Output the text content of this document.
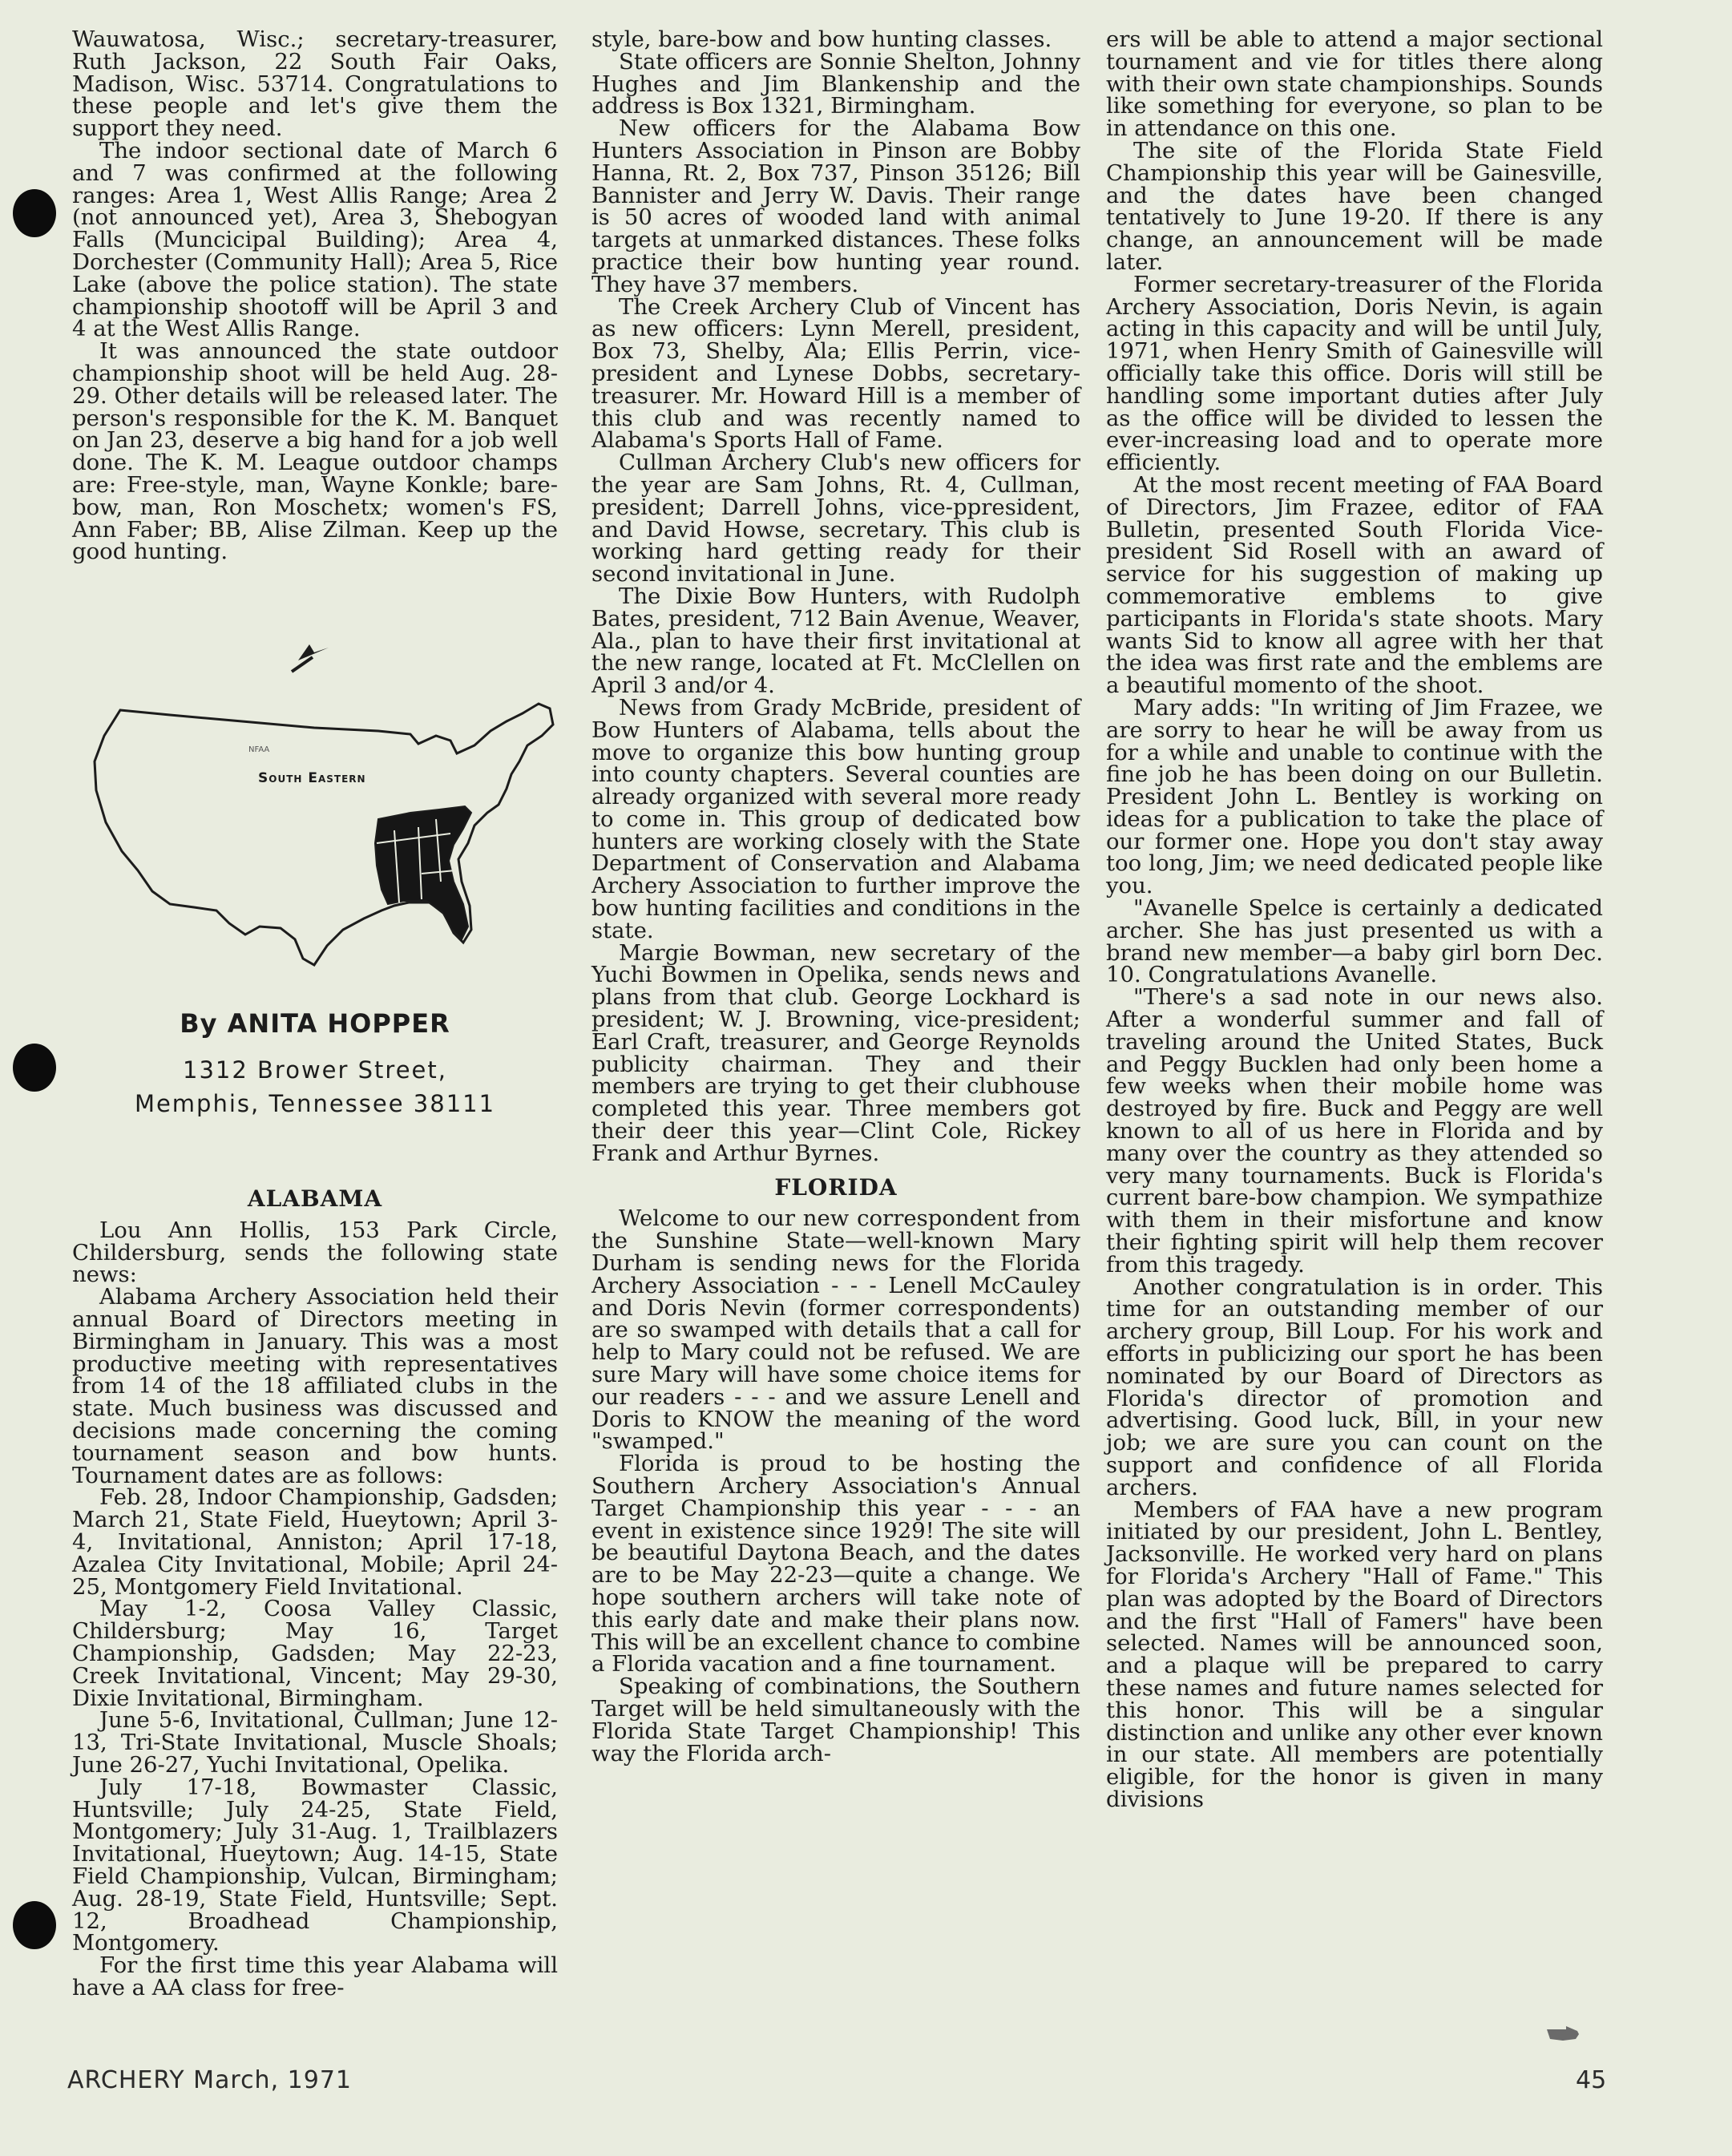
Wauwatosa, Wisc.; secretary-treasurer, Ruth Jackson, 22 South Fair Oaks, Madison, Wisc. 53714. Congratulations to these people and let's give them the support they need.

The indoor sectional date of March 6 and 7 was confirmed at the following ranges: Area 1, West Allis Range; Area 2 (not announced yet), Area 3, Shebogyan Falls (Muncicipal Building); Area 4, Dorchester (Community Hall); Area 5, Rice Lake (above the police station). The state championship shootoff will be April 3 and 4 at the West Allis Range.

It was announced the state outdoor championship shoot will be held Aug. 28-29. Other details will be released later. The person's responsible for the K. M. Banquet on Jan 23, deserve a big hand for a job well done. The K. M. League outdoor champs are: Free-style, man, Wayne Konkle; bare-bow, man, Ron Moschetx; women's FS, Ann Faber; BB, Alise Zilman. Keep up the good hunting.

NFAA
South Eastern
By ANITA HOPPER
1312 Brower Street,
Memphis, Tennessee 38111
ALABAMA

Lou Ann Hollis, 153 Park Circle, Childersburg, sends the following state news:

Alabama Archery Association held their annual Board of Directors meeting in Birmingham in January. This was a most productive meeting with representatives from 14 of the 18 affiliated clubs in the state. Much business was discussed and decisions made concerning the coming tournament season and bow hunts. Tournament dates are as follows:

Feb. 28, Indoor Championship, Gadsden; March 21, State Field, Hueytown; April 3-4, Invitational, Anniston; April 17-18, Azalea City Invitational, Mobile; April 24-25, Montgomery Field Invitational.

May 1-2, Coosa Valley Classic, Childersburg; May 16, Target Championship, Gadsden; May 22-23, Creek Invitational, Vincent; May 29-30, Dixie Invitational, Birmingham.

June 5-6, Invitational, Cullman; June 12-13, Tri-State Invitational, Muscle Shoals; June 26-27, Yuchi Invitational, Opelika.

July 17-18, Bowmaster Classic, Huntsville; July 24-25, State Field, Montgomery; July 31-Aug. 1, Trailblazers Invitational, Hueytown; Aug. 14-15, State Field Championship, Vulcan, Birmingham; Aug. 28-19, State Field, Huntsville; Sept. 12, Broadhead Championship, Montgomery.

For the first time this year Alabama will have a AA class for free-

style, bare-bow and bow hunting classes.

State officers are Sonnie Shelton, Johnny Hughes and Jim Blankenship and the address is Box 1321, Birmingham.

New officers for the Alabama Bow Hunters Association in Pinson are Bobby Hanna, Rt. 2, Box 737, Pinson 35126; Bill Bannister and Jerry W. Davis. Their range is 50 acres of wooded land with animal targets at unmarked distances. These folks practice their bow hunting year round. They have 37 members.

The Creek Archery Club of Vincent has as new officers: Lynn Merell, president, Box 73, Shelby, Ala; Ellis Perrin, vice-president and Lynese Dobbs, secretary-treasurer. Mr. Howard Hill is a member of this club and was recently named to Alabama's Sports Hall of Fame.

Cullman Archery Club's new officers for the year are Sam Johns, Rt. 4, Cullman, president; Darrell Johns, vice-ppresident, and David Howse, secretary. This club is working hard getting ready for their second invitational in June.

The Dixie Bow Hunters, with Rudolph Bates, president, 712 Bain Avenue, Weaver, Ala., plan to have their first invitational at the new range, located at Ft. McClellen on April 3 and/or 4.

News from Grady McBride, president of Bow Hunters of Alabama, tells about the move to organize this bow hunting group into county chapters. Several counties are already organized with several more ready to come in. This group of dedicated bow hunters are working closely with the State Department of Conservation and Alabama Archery Association to further improve the bow hunting facilities and conditions in the state.

Margie Bowman, new secretary of the Yuchi Bowmen in Opelika, sends news and plans from that club. George Lockhard is president; W. J. Browning, vice-president; Earl Craft, treasurer, and George Reynolds publicity chairman. They and their members are trying to get their clubhouse completed this year. Three members got their deer this year—Clint Cole, Rickey Frank and Arthur Byrnes.

FLORIDA

Welcome to our new correspondent from the Sunshine State—well-known Mary Durham is sending news for the Florida Archery Association - - - Lenell McCauley and Doris Nevin (former correspondents) are so swamped with details that a call for help to Mary could not be refused. We are sure Mary will have some choice items for our readers - - - and we assure Lenell and Doris to KNOW the meaning of the word "swamped."

Florida is proud to be hosting the Southern Archery Association's Annual Target Championship this year - - - an event in existence since 1929! The site will be beautiful Daytona Beach, and the dates are to be May 22-23—quite a change. We hope southern archers will take note of this early date and make their plans now. This will be an excellent chance to combine a Florida vacation and a fine tournament.

Speaking of combinations, the Southern Target will be held simultaneously with the Florida State Target Championship! This way the Florida arch-

ers will be able to attend a major sectional tournament and vie for titles there along with their own state championships. Sounds like something for everyone, so plan to be in attendance on this one.

The site of the Florida State Field Championship this year will be Gainesville, and the dates have been changed tentatively to June 19-20. If there is any change, an announcement will be made later.

Former secretary-treasurer of the Florida Archery Association, Doris Nevin, is again acting in this capacity and will be until July, 1971, when Henry Smith of Gainesville will officially take this office. Doris will still be handling some important duties after July as the office will be divided to lessen the ever-increasing load and to operate more efficiently.

At the most recent meeting of FAA Board of Directors, Jim Frazee, editor of FAA Bulletin, presented South Florida Vice-president Sid Rosell with an award of service for his suggestion of making up commemorative emblems to give participants in Florida's state shoots. Mary wants Sid to know all agree with her that the idea was first rate and the emblems are a beautiful momento of the shoot.

Mary adds: "In writing of Jim Frazee, we are sorry to hear he will be away from us for a while and unable to continue with the fine job he has been doing on our Bulletin. President John L. Bentley is working on ideas for a publication to take the place of our former one. Hope you don't stay away too long, Jim; we need dedicated people like you.

"Avanelle Spelce is certainly a dedicated archer. She has just presented us with a brand new member—a baby girl born Dec. 10. Congratulations Avanelle.

"There's a sad note in our news also. After a wonderful summer and fall of traveling around the United States, Buck and Peggy Bucklen had only been home a few weeks when their mobile home was destroyed by fire. Buck and Peggy are well known to all of us here in Florida and by many over the country as they attended so very many tournaments. Buck is Florida's current bare-bow champion. We sympathize with them in their misfortune and know their fighting spirit will help them recover from this tragedy.

Another congratulation is in order. This time for an outstanding member of our archery group, Bill Loup. For his work and efforts in publicizing our sport he has been nominated by our Board of Directors as Florida's director of promotion and advertising. Good luck, Bill, in your new job; we are sure you can count on the support and confidence of all Florida archers.

Members of FAA have a new program initiated by our president, John L. Bentley, Jacksonville. He worked very hard on plans for Florida's Archery "Hall of Fame." This plan was adopted by the Board of Directors and the first "Hall of Famers" have been selected. Names will be announced soon, and a plaque will be prepared to carry these names and future names selected for this honor. This will be a singular distinction and unlike any other ever known in our state. All members are potentially eligible, for the honor is given in many divisions

ARCHERY March, 1971	45
